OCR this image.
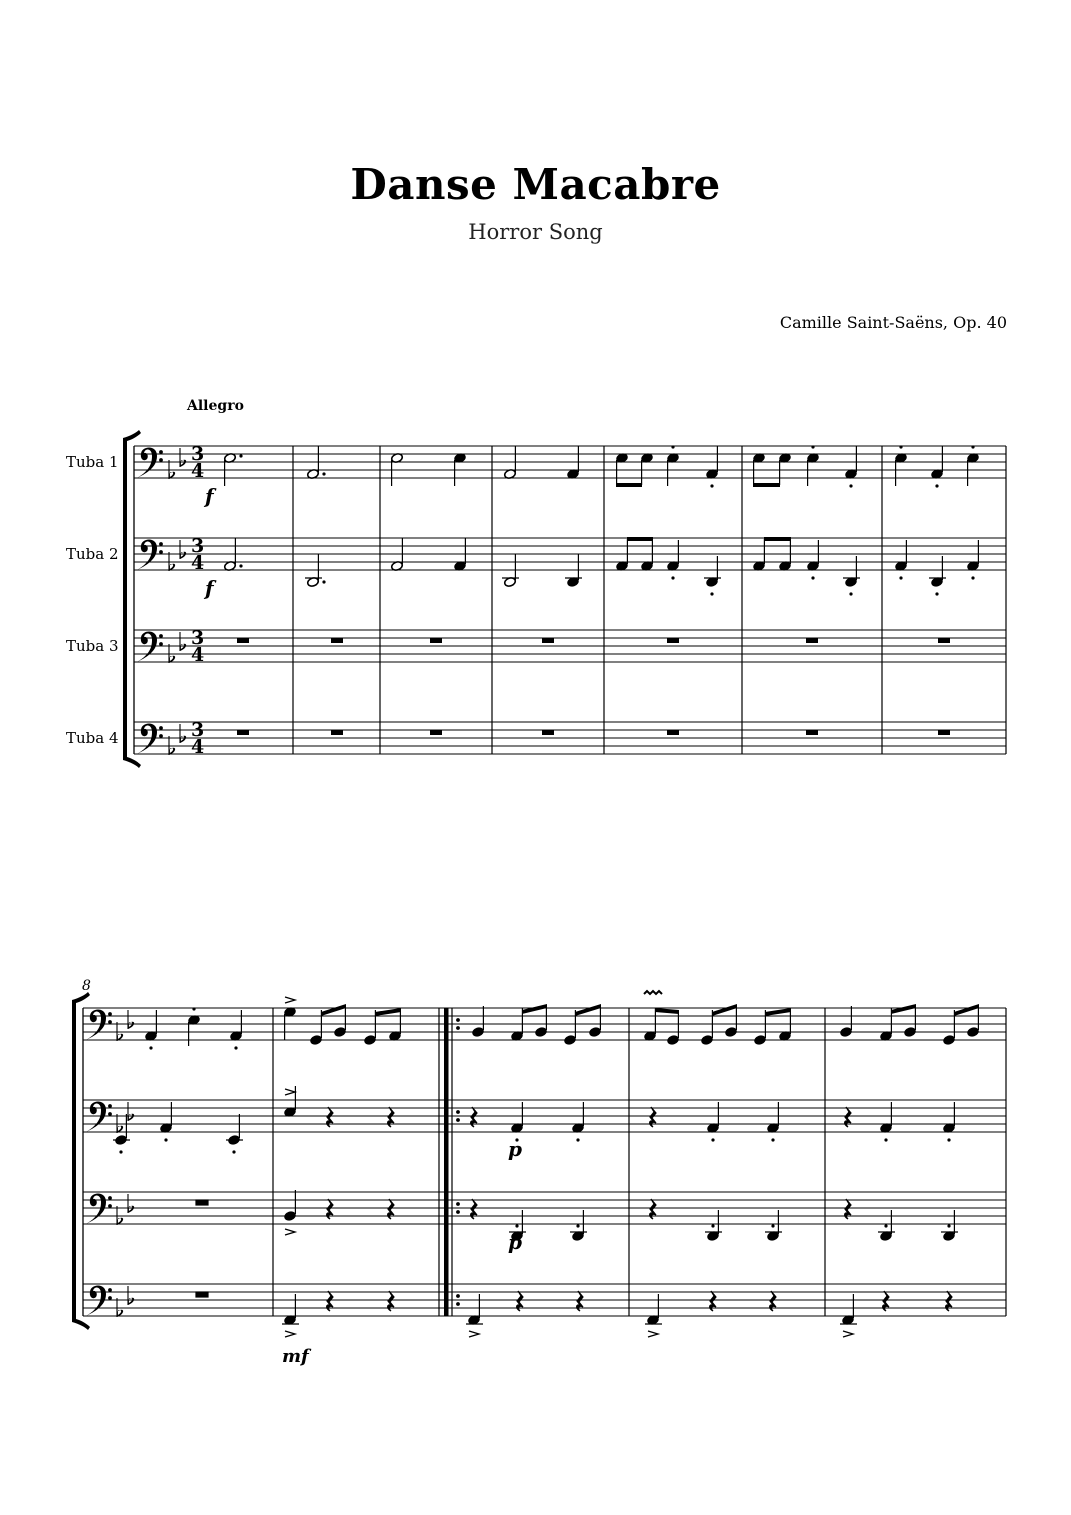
Danse Macabre
Horror Song
Camille Saint-Saëns, Op. 40
Allegro
Tuba 1
Tuba 2
Tuba 3
Tuba 4
3
4
3
4
3
4
3
4
f
f
8
p
p
mf
